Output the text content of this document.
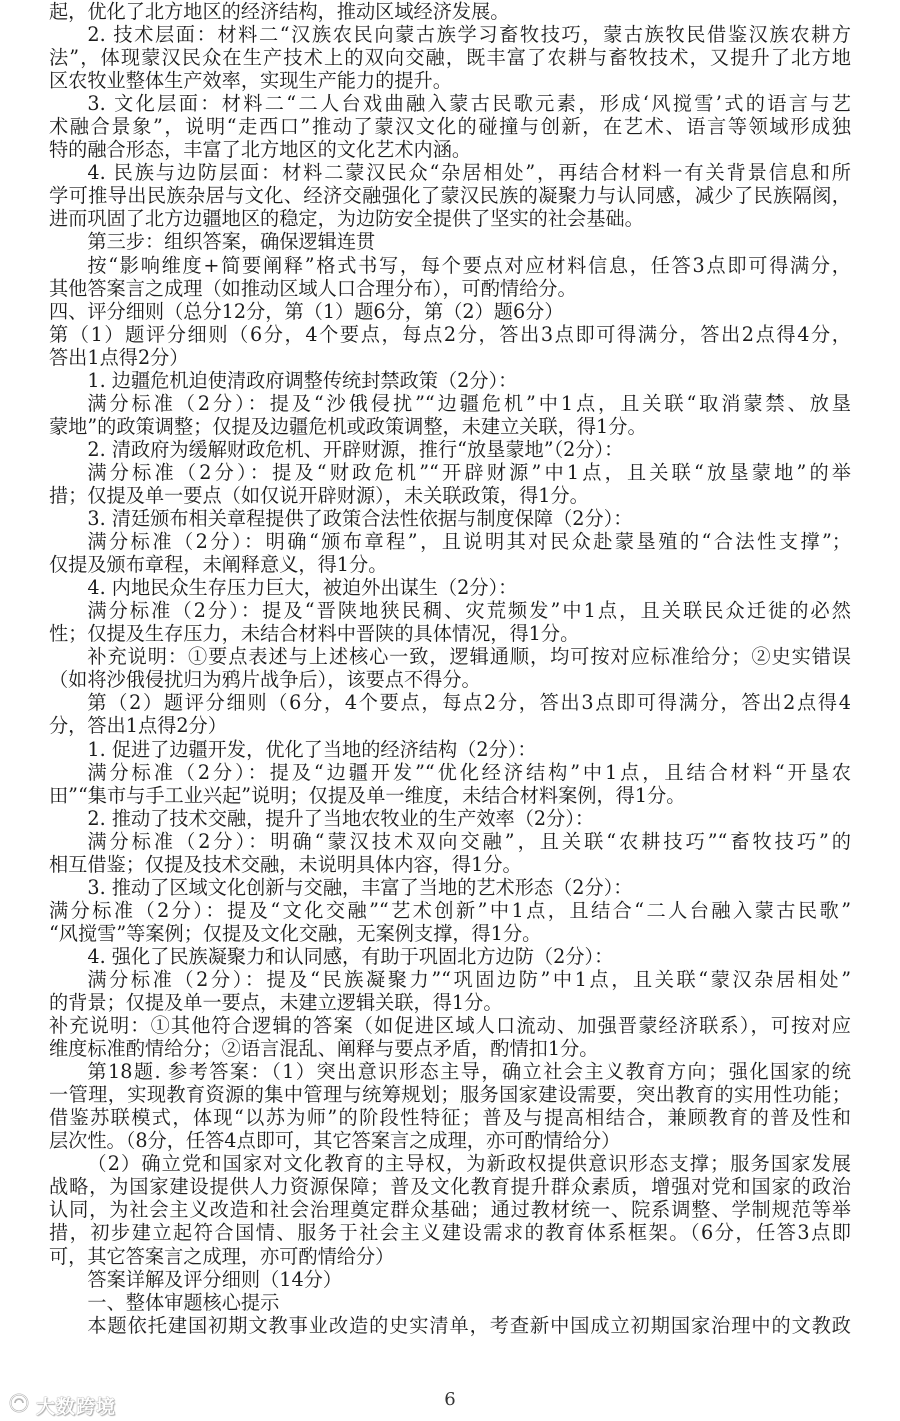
起，优化了北方地区的经济结构，推动区域经济发展。
2. 技术层面：材料二“汉族农民向蒙古族学习畜牧技巧，蒙古族牧民借鉴汉族农耕方
法”，体现蒙汉民众在生产技术上的双向交融，既丰富了农耕与畜牧技术，又提升了北方地
区农牧业整体生产效率，实现生产能力的提升。
3. 文化层面：材料二“二人台戏曲融入蒙古民歌元素，形成‘风搅雪’式的语言与艺
术融合景象”，说明“走西口”推动了蒙汉文化的碰撞与创新，在艺术、语言等领域形成独
特的融合形态，丰富了北方地区的文化艺术内涵。
4. 民族与边防层面：材料二蒙汉民众“杂居相处”，再结合材料一有关背景信息和所
学可推导出民族杂居与文化、经济交融强化了蒙汉民族的凝聚力与认同感，减少了民族隔阂，
进而巩固了北方边疆地区的稳定，为边防安全提供了坚实的社会基础。
第三步：组织答案，确保逻辑连贯
按“影响维度+简要阐释”格式书写，每个要点对应材料信息，任答3点即可得满分，
其他答案言之成理（如推动区域人口合理分布），可酌情给分。
四、评分细则（总分12分，第（1）题6分，第（2）题6分）
第（1）题评分细则（6分，4个要点，每点2分，答出3点即可得满分，答出2点得4分，
答出1点得2分）
1. 边疆危机迫使清政府调整传统封禁政策（2分）：
满分标准（2分）：提及“沙俄侵扰”“边疆危机”中1点，且关联“取消蒙禁、放垦
蒙地”的政策调整；仅提及边疆危机或政策调整，未建立关联，得1分。
2. 清政府为缓解财政危机、开辟财源，推行“放垦蒙地”（2分）：
满分标准（2分）：提及“财政危机”“开辟财源”中1点，且关联“放垦蒙地”的举
措；仅提及单一要点（如仅说开辟财源），未关联政策，得1分。
3. 清廷颁布相关章程提供了政策合法性依据与制度保障（2分）：
满分标准（2分）：明确“颁布章程”，且说明其对民众赴蒙垦殖的“合法性支撑”；
仅提及颁布章程，未阐释意义，得1分。
4. 内地民众生存压力巨大，被迫外出谋生（2分）：
满分标准（2分）：提及“晋陕地狭民稠、灾荒频发”中1点，且关联民众迁徙的必然
性；仅提及生存压力，未结合材料中晋陕的具体情况，得1分。
补充说明：①要点表述与上述核心一致，逻辑通顺，均可按对应标准给分；②史实错误
（如将沙俄侵扰归为鸦片战争后），该要点不得分。
第（2）题评分细则（6分，4个要点，每点2分，答出3点即可得满分，答出2点得4
分，答出1点得2分）
1. 促进了边疆开发，优化了当地的经济结构（2分）：
满分标准（2分）：提及“边疆开发”“优化经济结构”中1点，且结合材料“开垦农
田”“集市与手工业兴起”说明；仅提及单一维度，未结合材料案例，得1分。
2. 推动了技术交融，提升了当地农牧业的生产效率（2分）：
满分标准（2分）：明确“蒙汉技术双向交融”，且关联“农耕技巧”“畜牧技巧”的
相互借鉴；仅提及技术交融，未说明具体内容，得1分。
3. 推动了区域文化创新与交融，丰富了当地的艺术形态（2分）：
满分标准（2分）：提及“文化交融”“艺术创新”中1点，且结合“二人台融入蒙古民歌”
“风搅雪”等案例；仅提及文化交融，无案例支撑，得1分。
4. 强化了民族凝聚力和认同感，有助于巩固北方边防（2分）：
满分标准（2分）：提及“民族凝聚力”“巩固边防”中1点，且关联“蒙汉杂居相处”
的背景；仅提及单一要点，未建立逻辑关联，得1分。
补充说明：①其他符合逻辑的答案（如促进区域人口流动、加强晋蒙经济联系），可按对应
维度标准酌情给分；②语言混乱、阐释与要点矛盾，酌情扣1分。
第18题. 参考答案：（1）突出意识形态主导，确立社会主义教育方向；强化国家的统
一管理，实现教育资源的集中管理与统筹规划；服务国家建设需要，突出教育的实用性功能；
借鉴苏联模式，体现“以苏为师”的阶段性特征；普及与提高相结合，兼顾教育的普及性和
层次性。（8分，任答4点即可，其它答案言之成理，亦可酌情给分）
（2）确立党和国家对文化教育的主导权，为新政权提供意识形态支撑；服务国家发展
战略，为国家建设提供人力资源保障；普及文化教育提升群众素质，增强对党和国家的政治
认同，为社会主义改造和社会治理奠定群众基础；通过教材统一、院系调整、学制规范等举
措，初步建立起符合国情、服务于社会主义建设需求的教育体系框架。（6分，任答3点即
可，其它答案言之成理，亦可酌情给分）
答案详解及评分细则（14分）
一、整体审题核心提示
本题依托建国初期文教事业改造的史实清单，考查新中国成立初期国家治理中的文教政
6
大数跨境
